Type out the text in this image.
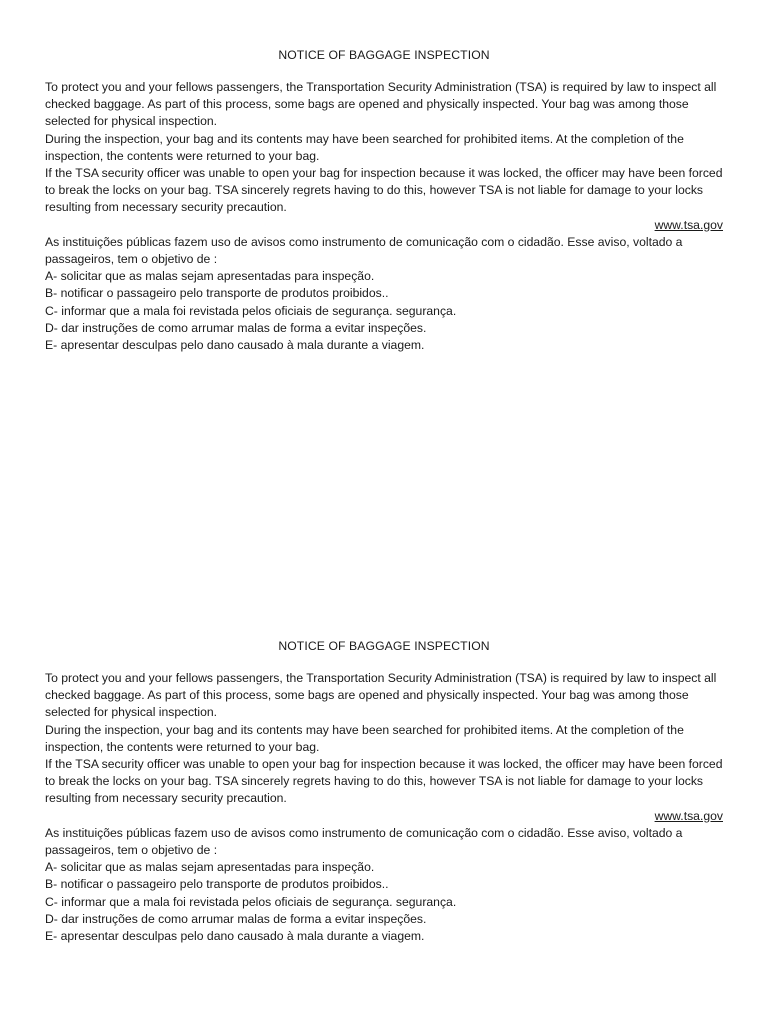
NOTICE OF BAGGAGE INSPECTION

To protect you and your fellows passengers, the Transportation Security Administration (TSA) is required by law to inspect all checked baggage. As part of this process, some bags are opened and physically inspected. Your bag was among those selected for physical inspection.

During the inspection, your bag and its contents may have been searched for prohibited items. At the completion of the inspection, the contents were returned to your bag.

If the TSA security officer was unable to open your bag for inspection because it was locked, the officer may have been forced to break the locks on your bag. TSA sincerely regrets having to do this, however TSA is not liable for damage to your locks resulting from necessary security precaution.

www.tsa.gov

As instituições públicas fazem uso de avisos como instrumento de comunicação com o cidadão. Esse aviso, voltado a passageiros, tem o objetivo de :

A- solicitar que as malas sejam apresentadas para inspeção.

B- notificar o passageiro pelo transporte de produtos proibidos..

C- informar que a mala foi revistada pelos oficiais de segurança. segurança.

D- dar instruções de como arrumar malas de forma a evitar inspeções.

E- apresentar desculpas pelo dano causado à mala durante a viagem.

NOTICE OF BAGGAGE INSPECTION

To protect you and your fellows passengers, the Transportation Security Administration (TSA) is required by law to inspect all checked baggage. As part of this process, some bags are opened and physically inspected. Your bag was among those selected for physical inspection.

During the inspection, your bag and its contents may have been searched for prohibited items. At the completion of the inspection, the contents were returned to your bag.

If the TSA security officer was unable to open your bag for inspection because it was locked, the officer may have been forced to break the locks on your bag. TSA sincerely regrets having to do this, however TSA is not liable for damage to your locks resulting from necessary security precaution.

www.tsa.gov

As instituições públicas fazem uso de avisos como instrumento de comunicação com o cidadão. Esse aviso, voltado a passageiros, tem o objetivo de :

A- solicitar que as malas sejam apresentadas para inspeção.

B- notificar o passageiro pelo transporte de produtos proibidos..

C- informar que a mala foi revistada pelos oficiais de segurança. segurança.

D- dar instruções de como arrumar malas de forma a evitar inspeções.

E- apresentar desculpas pelo dano causado à mala durante a viagem.
